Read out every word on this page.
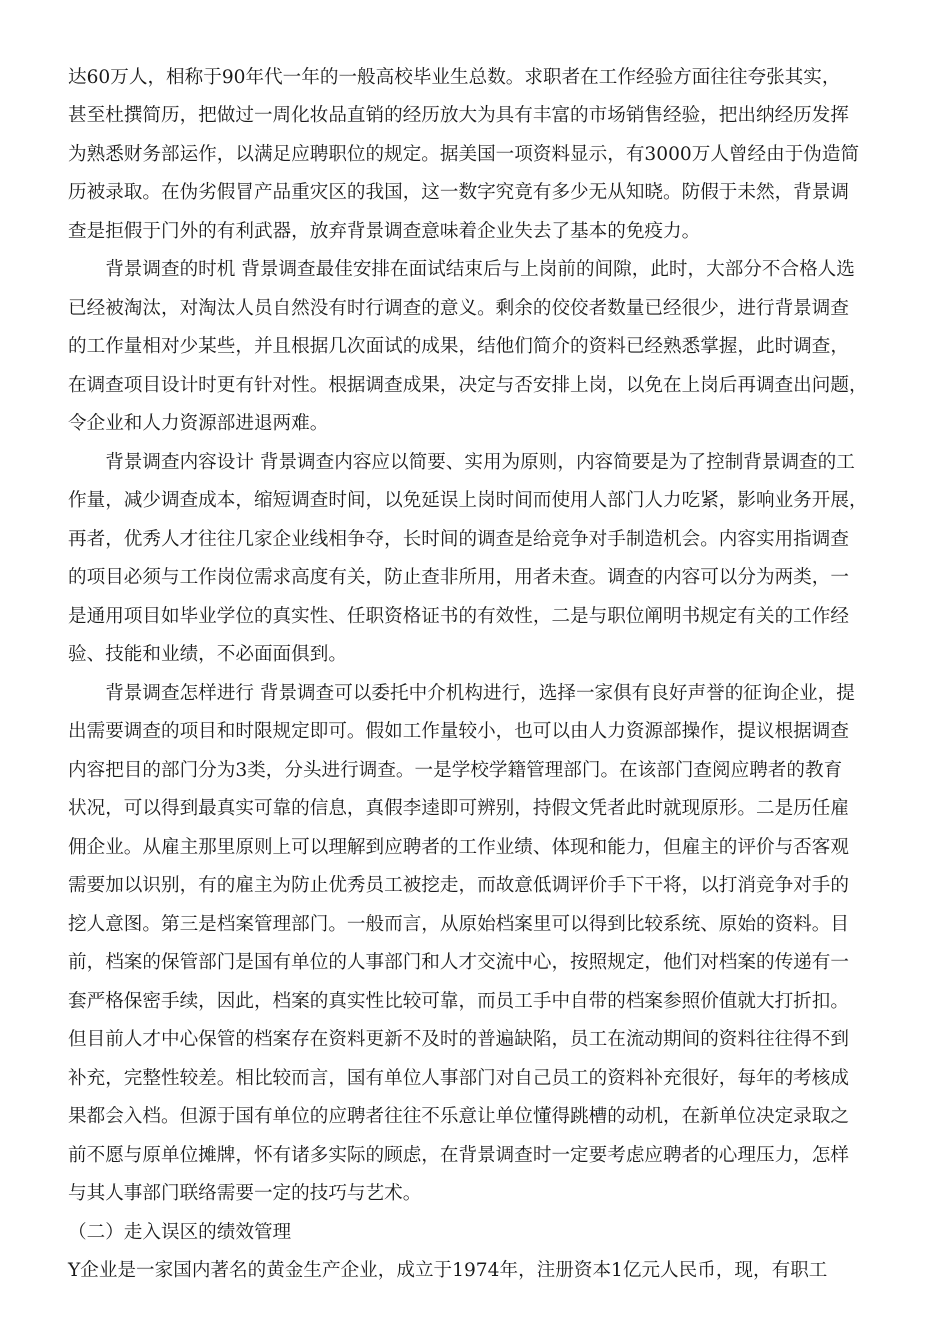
达60万人，相称于90年代一年的一般高校毕业生总数。求职者在工作经验方面往往夸张其实，
甚至杜撰简历，把做过一周化妆品直销的经历放大为具有丰富的市场销售经验，把出纳经历发挥
为熟悉财务部运作，以满足应聘职位的规定。据美国一项资料显示，有3000万人曾经由于伪造简
历被录取。在伪劣假冒产品重灾区的我国，这一数字究竟有多少无从知晓。防假于未然，背景调
查是拒假于门外的有利武器，放弃背景调查意味着企业失去了基本的免疫力。
　　背景调查的时机 背景调查最佳安排在面试结束后与上岗前的间隙，此时，大部分不合格人选
已经被淘汰，对淘汰人员自然没有时行调查的意义。剩余的佼佼者数量已经很少，进行背景调查
的工作量相对少某些，并且根据几次面试的成果，结他们简介的资料已经熟悉掌握，此时调查，
在调查项目设计时更有针对性。根据调查成果，决定与否安排上岗，以免在上岗后再调查出问题，
令企业和人力资源部进退两难。
　　背景调查内容设计 背景调查内容应以简要、实用为原则，内容简要是为了控制背景调查的工
作量，减少调查成本，缩短调查时间，以免延误上岗时间而使用人部门人力吃紧，影响业务开展，
再者，优秀人才往往几家企业线相争夺，长时间的调查是给竞争对手制造机会。内容实用指调查
的项目必须与工作岗位需求高度有关，防止查非所用，用者未查。调查的内容可以分为两类，一
是通用项目如毕业学位的真实性、任职资格证书的有效性，二是与职位阐明书规定有关的工作经
验、技能和业绩，不必面面俱到。
　　背景调查怎样进行 背景调查可以委托中介机构进行，选择一家俱有良好声誉的征询企业，提
出需要调查的项目和时限规定即可。假如工作量较小，也可以由人力资源部操作，提议根据调查
内容把目的部门分为3类，分头进行调查。一是学校学籍管理部门。在该部门查阅应聘者的教育
状况，可以得到最真实可靠的信息，真假李逵即可辨别，持假文凭者此时就现原形。二是历任雇
佣企业。从雇主那里原则上可以理解到应聘者的工作业绩、体现和能力，但雇主的评价与否客观
需要加以识别，有的雇主为防止优秀员工被挖走，而故意低调评价手下干将，以打消竞争对手的
挖人意图。第三是档案管理部门。一般而言，从原始档案里可以得到比较系统、原始的资料。目
前，档案的保管部门是国有单位的人事部门和人才交流中心，按照规定，他们对档案的传递有一
套严格保密手续，因此，档案的真实性比较可靠，而员工手中自带的档案参照价值就大打折扣。
但目前人才中心保管的档案存在资料更新不及时的普遍缺陷，员工在流动期间的资料往往得不到
补充，完整性较差。相比较而言，国有单位人事部门对自己员工的资料补充很好，每年的考核成
果都会入档。但源于国有单位的应聘者往往不乐意让单位懂得跳槽的动机，在新单位决定录取之
前不愿与原单位摊牌，怀有诸多实际的顾虑，在背景调查时一定要考虑应聘者的心理压力，怎样
与其人事部门联络需要一定的技巧与艺术。
（二）走入误区的绩效管理
Y企业是一家国内著名的黄金生产企业，成立于1974年，注册资本1亿元人民币，现，有职工
